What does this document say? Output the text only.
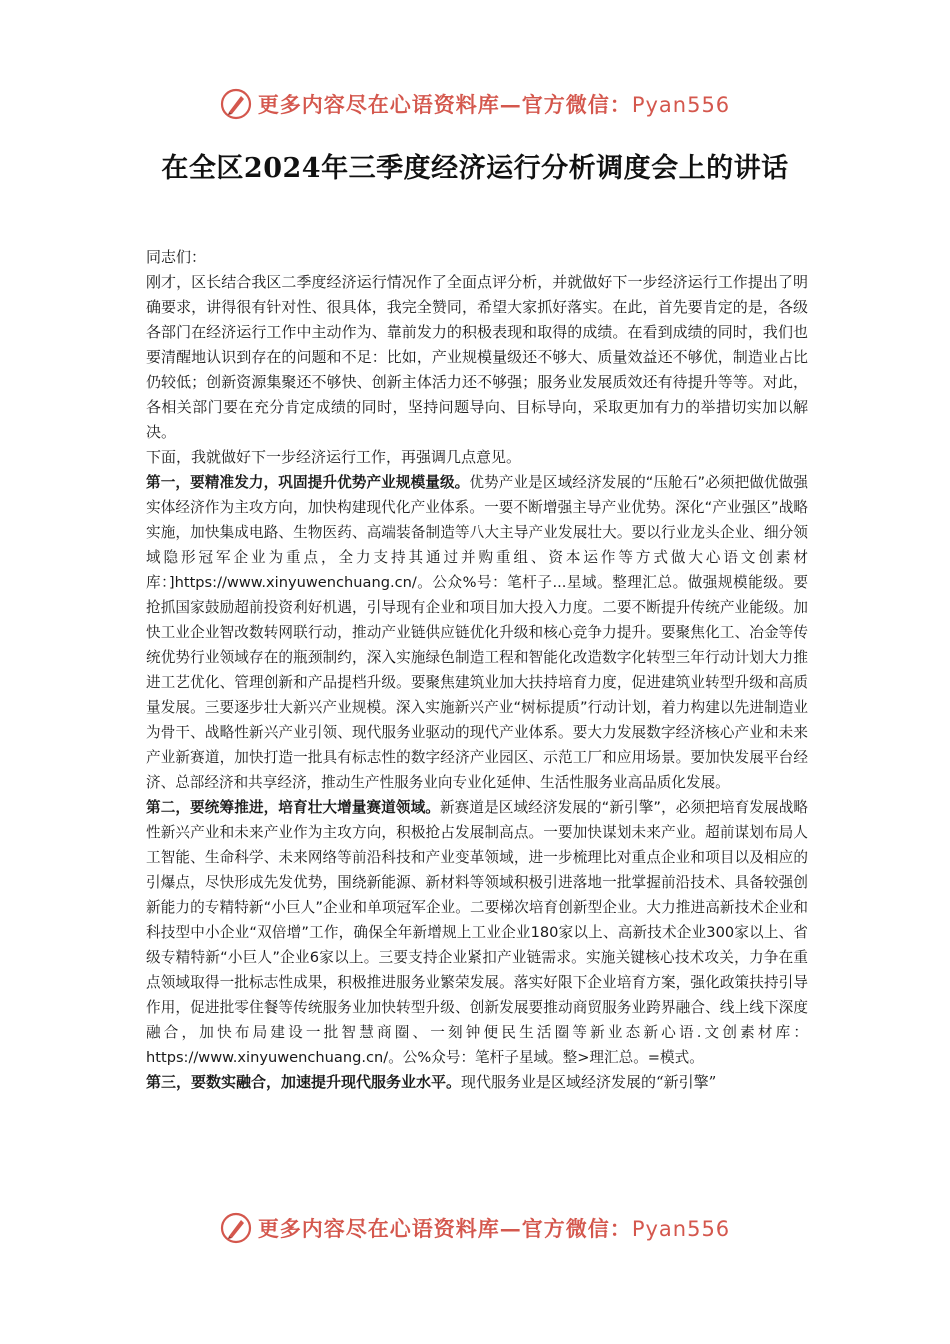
更多内容尽在心语资料库—官方微信：Pyan556
在全区2024年三季度经济运行分析调度会上的讲话

同志们：

刚才，区长结合我区二季度经济运行情况作了全面点评分析，并就做好下一步经济运行工作提出了明确要求，讲得很有针对性、很具体，我完全赞同，希望大家抓好落实。在此，首先要肯定的是，各级各部门在经济运行工作中主动作为、靠前发力的积极表现和取得的成绩。在看到成绩的同时，我们也要清醒地认识到存在的问题和不足：比如，产业规模量级还不够大、质量效益还不够优，制造业占比仍较低；创新资源集聚还不够快、创新主体活力还不够强；服务业发展质效还有待提升等等。对此，各相关部门要在充分肯定成绩的同时，坚持问题导向、目标导向，采取更加有力的举措切实加以解决。

下面，我就做好下一步经济运行工作，再强调几点意见。

第一，要精准发力，巩固提升优势产业规模量级。优势产业是区域经济发展的“压舱石”必须把做优做强实体经济作为主攻方向，加快构建现代化产业体系。一要不断增强主导产业优势。深化“产业强区”战略实施，加快集成电路、生物医药、高端装备制造等八大主导产业发展壮大。要以行业龙头企业、细分领域隐形冠军企业为重点，全力支持其通过并购重组、资本运作等方式做大心语文创素材库：]https://www.xinyuwenchuang.cn/。公众%号：笔杆子...星域。整理汇总。做强规模能级。要抢抓国家鼓励超前投资利好机遇，引导现有企业和项目加大投入力度。二要不断提升传统产业能级。加快工业企业智改数转网联行动，推动产业链供应链优化升级和核心竞争力提升。要聚焦化工、冶金等传统优势行业领域存在的瓶颈制约，深入实施绿色制造工程和智能化改造数字化转型三年行动计划大力推进工艺优化、管理创新和产品提档升级。要聚焦建筑业加大扶持培育力度，促进建筑业转型升级和高质量发展。三要逐步壮大新兴产业规模。深入实施新兴产业“树标提质”行动计划，着力构建以先进制造业为骨干、战略性新兴产业引领、现代服务业驱动的现代产业体系。要大力发展数字经济核心产业和未来产业新赛道，加快打造一批具有标志性的数字经济产业园区、示范工厂和应用场景。要加快发展平台经济、总部经济和共享经济，推动生产性服务业向专业化延伸、生活性服务业高品质化发展。

第二，要统筹推进，培育壮大增量赛道领域。新赛道是区域经济发展的“新引擎”，必须把培育发展战略性新兴产业和未来产业作为主攻方向，积极抢占发展制高点。一要加快谋划未来产业。超前谋划布局人工智能、生命科学、未来网络等前沿科技和产业变革领域，进一步梳理比对重点企业和项目以及相应的引爆点，尽快形成先发优势，围绕新能源、新材料等领域积极引进落地一批掌握前沿技术、具备较强创新能力的专精特新“小巨人”企业和单项冠军企业。二要梯次培育创新型企业。大力推进高新技术企业和科技型中小企业“双倍增”工作，确保全年新增规上工业企业180家以上、高新技术企业300家以上、省级专精特新“小巨人”企业6家以上。三要支持企业紧扣产业链需求。实施关键核心技术攻关，力争在重点领域取得一批标志性成果，积极推进服务业繁荣发展。落实好限下企业培育方案，强化政策扶持引导作用，促进批零住餐等传统服务业加快转型升级、创新发展要推动商贸服务业跨界融合、线上线下深度融合，加快布局建设一批智慧商圈、一刻钟便民生活圈等新业态新心语.文创素材库：https://www.xinyuwenchuang.cn/。公%众号：笔杆子星域。整>理汇总。=模式。

第三，要数实融合，加速提升现代服务业水平。现代服务业是区域经济发展的“新引擎”

更多内容尽在心语资料库—官方微信：Pyan556
